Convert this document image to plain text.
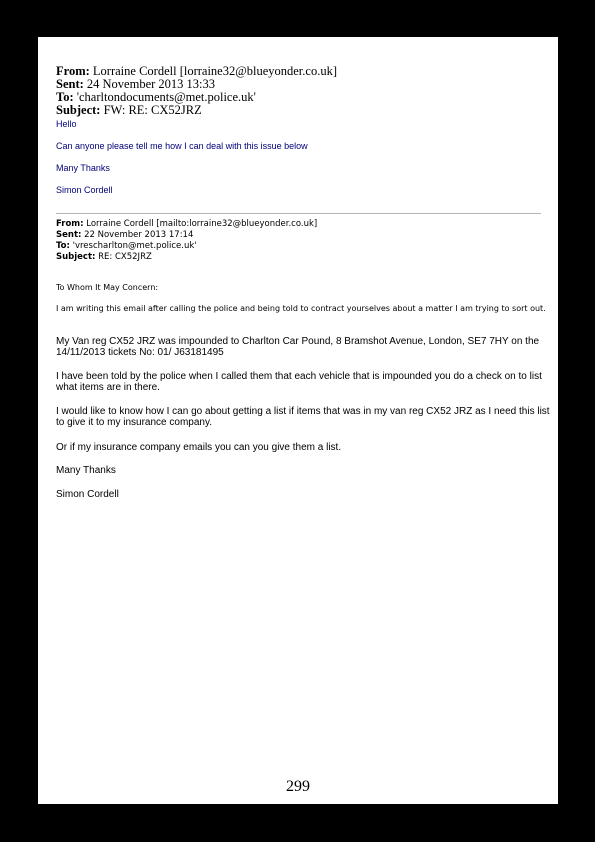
From: Lorraine Cordell [lorraine32@blueyonder.co.uk]
Sent: 24 November 2013 13:33
To: 'charltondocuments@met.police.uk'
Subject: FW: RE: CX52JRZ
Hello
Can anyone please tell me how I can deal with this issue below
Many Thanks
Simon Cordell
From: Lorraine Cordell [mailto:lorraine32@blueyonder.co.uk]
Sent: 22 November 2013 17:14
To: 'vrescharlton@met.police.uk'
Subject: RE: CX52JRZ
To Whom It May Concern:
I am writing this email after calling the police and being told to contract yourselves about a matter I am trying to sort out.
My Van reg CX52 JRZ was impounded to Charlton Car Pound, 8 Bramshot Avenue, London, SE7 7HY on the 14/11/2013 tickets No: 01/ J63181495
I have been told by the police when I called them that each vehicle that is impounded you do a check on to list what items are in there.
I would like to know how I can go about getting a list if items that was in my van reg CX52 JRZ as I need this list to give it to my insurance company.
Or if my insurance company emails you can you give them a list.
Many Thanks
Simon Cordell
299
